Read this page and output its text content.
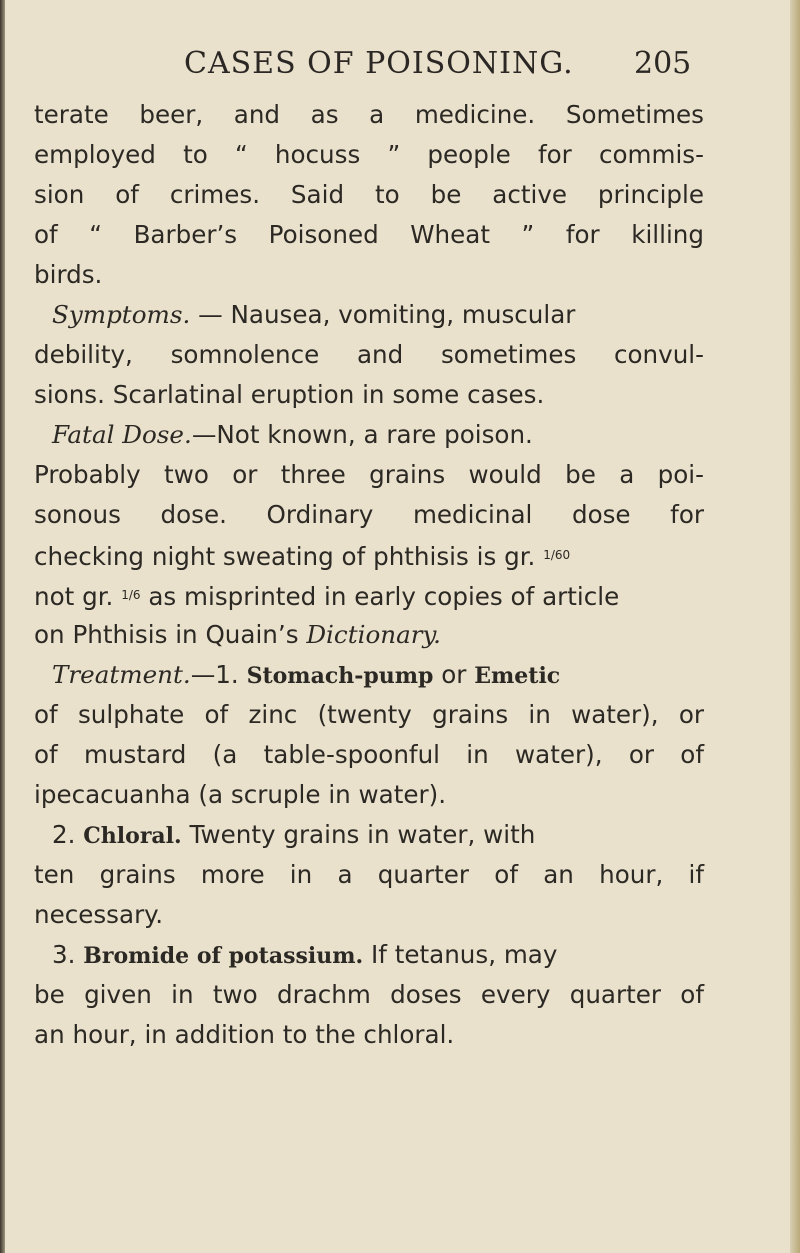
CASES OF POISONING. 205
terate beer, and as a medicine. Sometimes
employed to “ hocuss ” people for commis-
sion of crimes. Said to be active principle
of “ Barber’s Poisoned Wheat ” for killing
birds.
Symptoms. — Nausea, vomiting, muscular
debility, somnolence and sometimes convul-
sions. Scarlatinal eruption in some cases.
Fatal Dose.—Not known, a rare poison.
Probably two or three grains would be a poi-
sonous dose. Ordinary medicinal dose for
checking night sweating of phthisis is gr. $^{1/60}$
not gr. $^{1/6}$ as misprinted in early copies of article
on Phthisis in Quain’s Dictionary.
Treatment.—1. Stomach-pump or Emetic
of sulphate of zinc (twenty grains in water), or
of mustard (a table-spoonful in water), or of
ipecacuanha (a scruple in water).
2. Chloral. Twenty grains in water, with
ten grains more in a quarter of an hour, if
necessary.
3. Bromide of potassium. If tetanus, may
be given in two drachm doses every quarter of
an hour, in addition to the chloral.
